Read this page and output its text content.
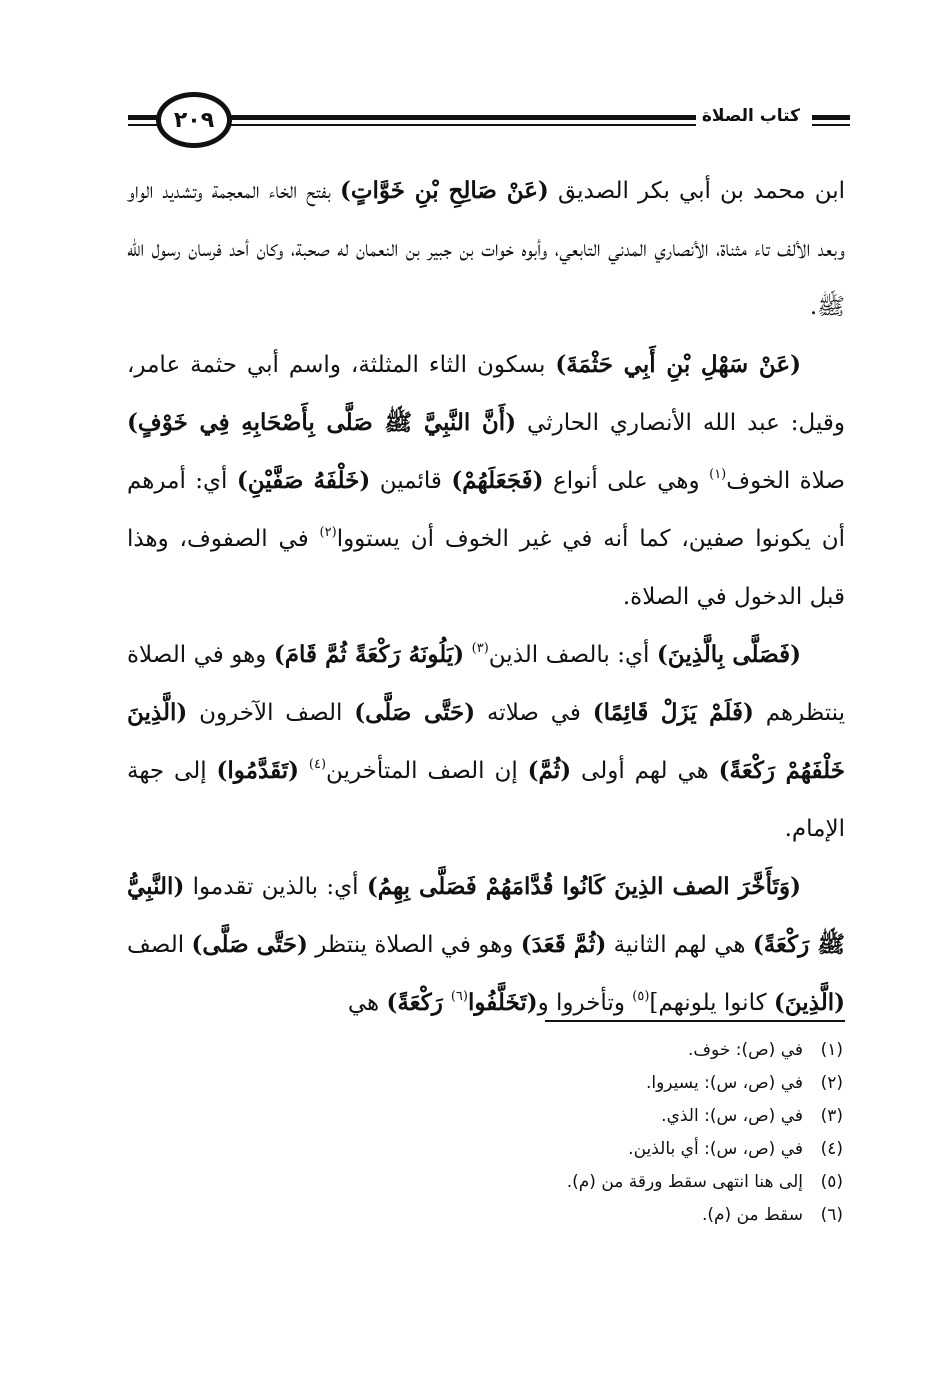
٢٠٩	كتاب الصلاة

ابن محمد بن أبي بكر الصديق (عَنْ صَالِحِ بْنِ خَوَّاتٍ) بفتح الخاء المعجمة وتشديد الواو وبعد الألف تاء مثناة، الأنصاري المدني التابعي، وأبوه خوات بن جبير بن النعمان له صحبة، وكان أحد فرسان رسول الله ﷺ.

(عَنْ سَهْلِ بْنِ أَبِي حَثْمَةَ) بسكون الثاء المثلثة، واسم أبي حثمة عامر، وقيل: عبد الله الأنصاري الحارثي (أَنَّ النَّبِيَّ ﷺ صَلَّى بِأَصْحَابِهِ فِي خَوْفٍ) صلاة الخوف$^{(١)}$ وهي على أنواع (فَجَعَلَهُمْ) قائمين (خَلْفَهُ صَفَّيْنِ) أي: أمرهم أن يكونوا صفين، كما أنه في غير الخوف أن يستووا$^{(٢)}$ في الصفوف، وهذا قبل الدخول في الصلاة.

(فَصَلَّى بِالَّذِينَ) أي: بالصف الذين$^{(٣)}$ (يَلُونَهُ رَكْعَةً ثُمَّ قَامَ) وهو في الصلاة ينتظرهم (فَلَمْ يَزَلْ قَائِمًا) في صلاته (حَتَّى صَلَّى) الصف الآخرون (الَّذِينَ خَلْفَهُمْ رَكْعَةً) هي لهم أولى (ثُمَّ) إن الصف المتأخرين$^{(٤)}$ (تَقَدَّمُوا) إلى جهة الإمام.

(وَتَأَخَّرَ الصف الذِينَ كَانُوا قُدَّامَهُمْ فَصَلَّى بِهِمُ) أي: بالذين تقدموا (النَّبِيُّ ﷺ رَكْعَةً) هي لهم الثانية (ثُمَّ قَعَدَ) وهو في الصلاة ينتظر (حَتَّى صَلَّى) الصف (الَّذِينَ) كانوا يلونهم]$^{(٥)}$ وتأخروا و(تَخَلَّفُوا$^{(٦)}$ رَكْعَةً) هي

(١)في (ص): خوف.
(٢)في (ص، س): يسيروا.
(٣)في (ص، س): الذي.
(٤)في (ص، س): أي بالذين.
(٥)إلى هنا انتهى سقط ورقة من (م).
(٦)سقط من (م).
